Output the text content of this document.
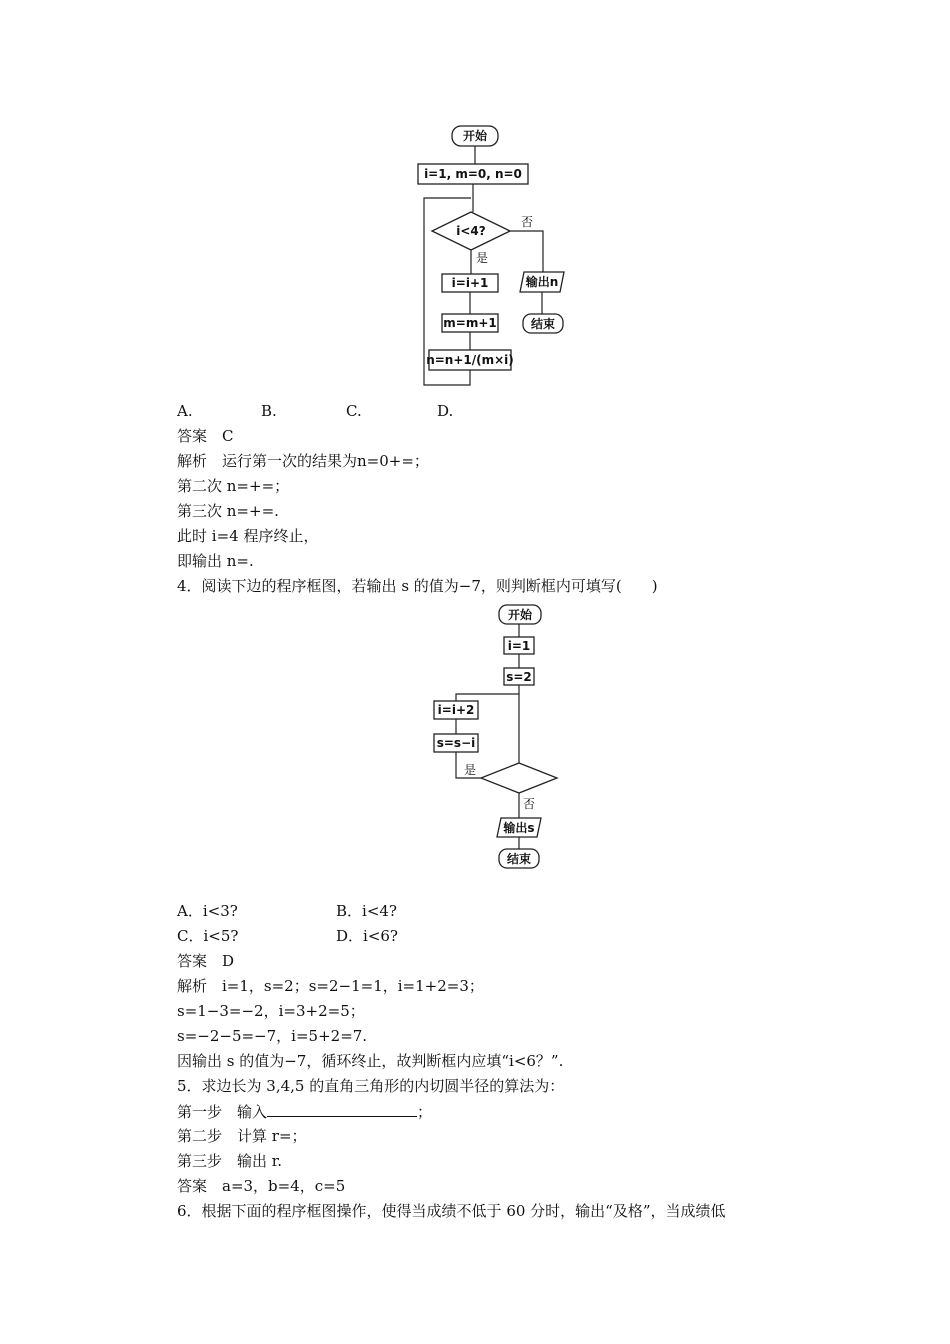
开始
i=1, m=0, n=0
i<4?
否
是
i=i+1
m=m+1
n=n+1/(m×i)
输出n
结束
A.	B.	C.	D.
答案　C
解析　运行第一次的结果为n=0+=；
第二次 n=+=；
第三次 n=+=.
此时 i=4 程序终止，
即输出 n=.
4．阅读下边的程序框图，若输出 s 的值为−7，则判断框内可填写(　　)
开始
i=1
s=2
i=i+2
s=s−i
是
否
输出s
结束
A．i<3?	B．i<4?
C．i<5?	D．i<6?
答案　D
解析　i=1，s=2；s=2−1=1，i=1+2=3；
s=1−3=−2，i=3+2=5；
s=−2−5=−7，i=5+2=7.
因输出 s 的值为−7，循环终止，故判断框内应填“i<6？”.
5．求边长为 3,4,5 的直角三角形的内切圆半径的算法为：
第一步　输入	；
第二步　计算 r=；
第三步　输出 r.
答案　a=3，b=4，c=5
6．根据下面的程序框图操作，使得当成绩不低于 60 分时，输出“及格”，当成绩低
